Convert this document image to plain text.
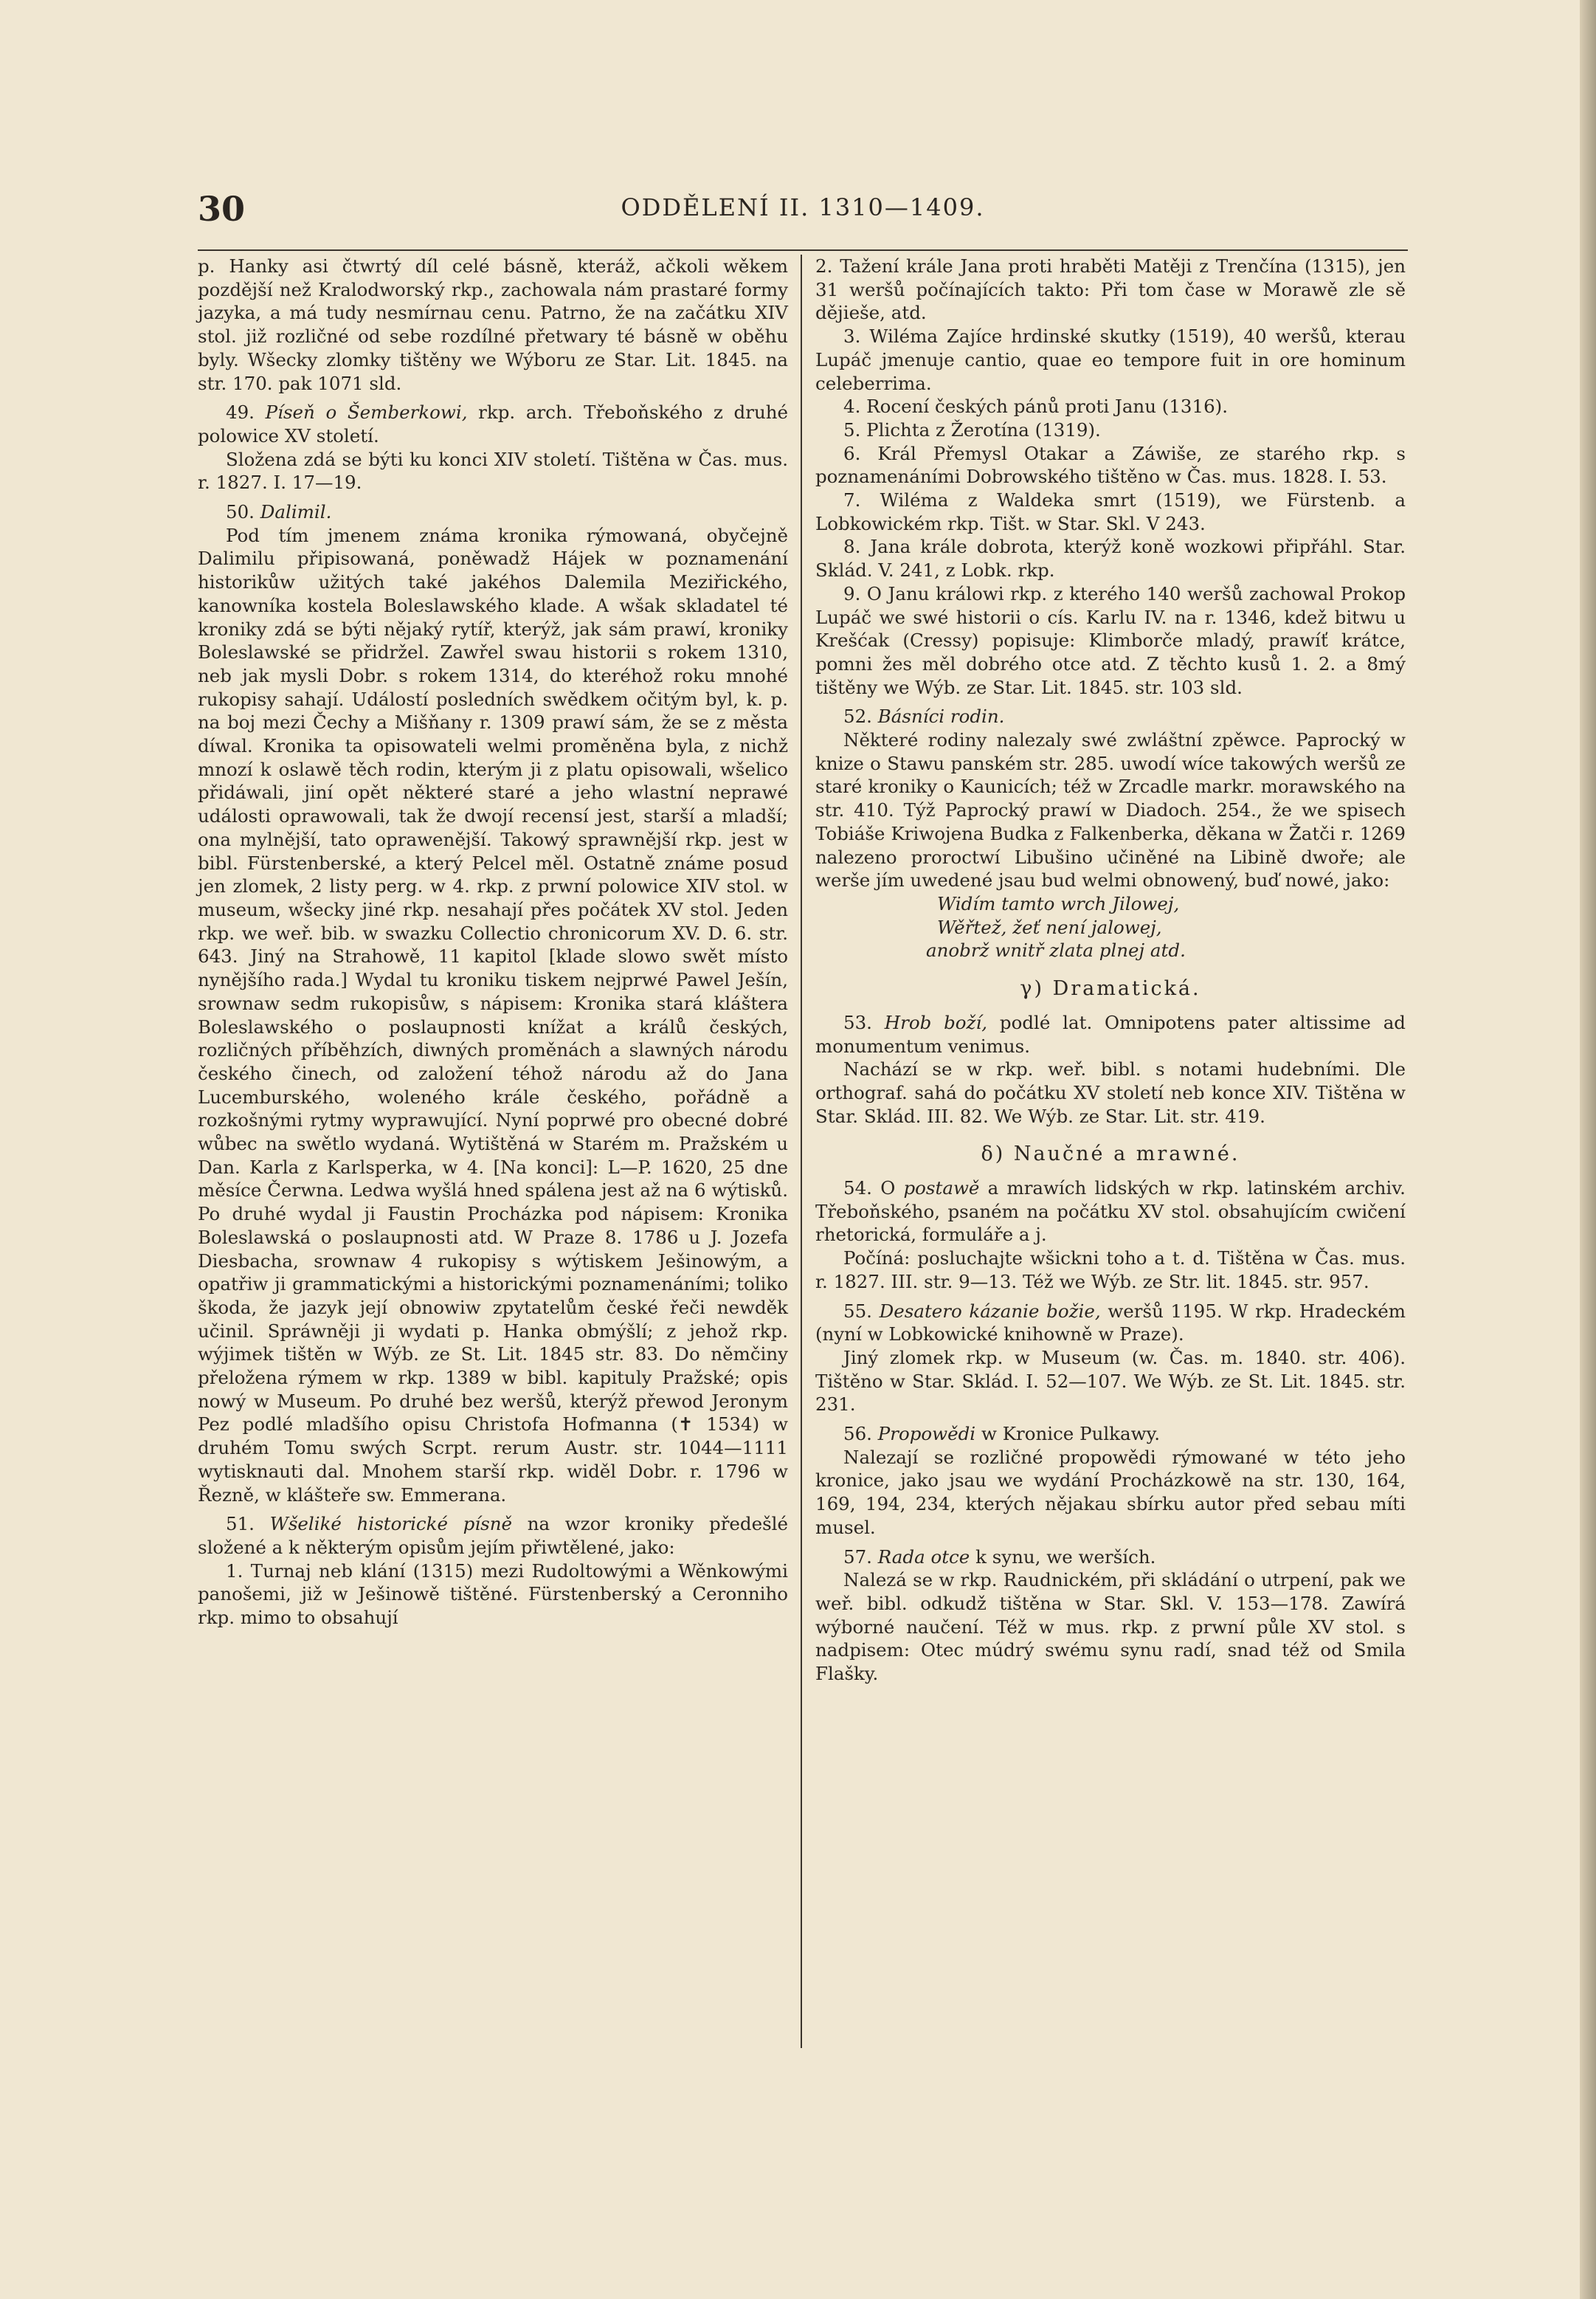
30	ODDĚLENÍ II. 1310—1409.

p. Hanky asi čtwrtý díl celé básně, kteráž, ačkoli wěkem pozdější než Kralodworský rkp., zachowala nám prastaré formy jazyka, a má tudy nesmírnau cenu. Patrno, že na začátku XIV stol. již rozličné od sebe rozdílné přetwary té básně w oběhu byly. Wšecky zlomky tištěny we Wýboru ze Star. Lit. 1845. na str. 170. pak 1071 sld.

49. Píseň o Šemberkowi, rkp. arch. Třeboňského z druhé polowice XV století.

Složena zdá se býti ku konci XIV století. Tištěna w Čas. mus. r. 1827. I. 17—19.

50. Dalimil.

Pod tím jmenem známa kronika rýmowaná, obyčejně Dalimilu připisowaná, poněwadž Hájek w poznamenání historikůw užitých také jakéhos Dalemila Meziřického, kanowníka kostela Boleslawského klade. A wšak skladatel té kroniky zdá se býti nějaký rytíř, kterýž, jak sám prawí, kroniky Boleslawské se přidržel. Zawřel swau historii s rokem 1310, neb jak mysli Dobr. s rokem 1314, do kteréhož roku mnohé rukopisy sahají. Událostí posledních swědkem očitým byl, k. p. na boj mezi Čechy a Mišňany r. 1309 prawí sám, že se z města díwal. Kronika ta opisowateli welmi proměněna byla, z nichž mnozí k oslawě těch rodin, kterým ji z platu opisowali, wšelico přidáwali, jiní opět některé staré a jeho wlastní neprawé události oprawowali, tak že dwojí recensí jest, starší a mladší; ona mylnější, tato oprawenější. Takowý sprawnější rkp. jest w bibl. Fürstenberské, a který Pelcel měl. Ostatně známe posud jen zlomek, 2 listy perg. w 4. rkp. z prwní polowice XIV stol. w museum, wšecky jiné rkp. nesahají přes počátek XV stol. Jeden rkp. we weř. bib. w swazku Collectio chronicorum XV. D. 6. str. 643. Jiný na Strahowě, 11 kapitol [klade slowo swět místo nynějšího rada.] Wydal tu kroniku tiskem nejprwé Pawel Ješín, srownaw sedm rukopisůw, s nápisem: Kronika stará kláštera Boleslawského o poslaupnosti knížat a králů českých, rozličných příběhzích, diwných proměnách a slawných národu českého činech, od založení téhož národu až do Jana Lucemburského, woleného krále českého, pořádně a rozkošnými rytmy wyprawující. Nyní poprwé pro obecné dobré wůbec na swětlo wydaná. Wytištěná w Starém m. Pražském u Dan. Karla z Karlsperka, w 4. [Na konci]: L—P. 1620, 25 dne měsíce Čerwna. Ledwa wyšlá hned spálena jest až na 6 wýtisků. Po druhé wydal ji Faustin Procházka pod nápisem: Kronika Boleslawská o poslaupnosti atd. W Praze 8. 1786 u J. Jozefa Diesbacha, srownaw 4 rukopisy s wýtiskem Ješinowým, a opatřiw ji grammatickými a historickými poznamenáními; toliko škoda, že jazyk její obnowiw zpytatelům české řeči newděk učinil. Spráwněji ji wydati p. Hanka obmýšlí; z jehož rkp. wýjimek tištěn w Wýb. ze St. Lit. 1845 str. 83. Do němčiny přeložena rýmem w rkp. 1389 w bibl. kapituly Pražské; opis nowý w Museum. Po druhé bez weršů, kterýž přewod Jeronym Pez podlé mladšího opisu Christofa Hofmanna (✝ 1534) w druhém Tomu swých Scrpt. rerum Austr. str. 1044—1111 wytisknauti dal. Mnohem starší rkp. widěl Dobr. r. 1796 w Řezně, w klášteře sw. Emmerana.

51. Wšeliké historické písně na wzor kroniky předešlé složené a k některým opisům jejím přiwtělené, jako:

1. Turnaj neb klání (1315) mezi Rudoltowými a Wěnkowými panošemi, již w Ješinowě tištěné. Fürstenberský a Ceronniho rkp. mimo to obsahují

2. Tažení krále Jana proti hraběti Matěji z Trenčína (1315), jen 31 weršů počínajících takto: Při tom čase w Morawě zle sě dějieše, atd.

3. Wiléma Zajíce hrdinské skutky (1519), 40 weršů, kterau Lupáč jmenuje cantio, quae eo tempore fuit in ore hominum celeberrima.

4. Rocení českých pánů proti Janu (1316).

5. Plichta z Žerotína (1319).

6. Král Přemysl Otakar a Záwiše, ze starého rkp. s poznamenáními Dobrowského tištěno w Čas. mus. 1828. I. 53.

7. Wiléma z Waldeka smrt (1519), we Fürstenb. a Lobkowickém rkp. Tišt. w Star. Skl. V 243.

8. Jana krále dobrota, kterýž koně wozkowi připřáhl. Star. Sklád. V. 241, z Lobk. rkp.

9. O Janu králowi rkp. z kterého 140 weršů zachowal Prokop Lupáč we swé historii o cís. Karlu IV. na r. 1346, kdež bitwu u Krešćak (Cressy) popisuje: Klimborče mladý, prawíť krátce, pomni žes měl dobrého otce atd. Z těchto kusů 1. 2. a 8mý tištěny we Wýb. ze Star. Lit. 1845. str. 103 sld.

52. Básníci rodin.

Některé rodiny nalezaly swé zwláštní zpěwce. Paprocký w knize o Stawu panském str. 285. uwodí wíce takowých weršů ze staré kroniky o Kaunicích; též w Zrcadle markr. morawského na str. 410. Týž Paprocký prawí w Diadoch. 254., že we spisech Tobiáše Kriwojena Budka z Falkenberka, děkana w Žatči r. 1269 nalezeno proroctwí Libušino učiněné na Libině dwoře; ale werše jím uwedené jsau bud welmi obnowený, buď nowé, jako:

Widím tamto wrch Jilowej,

Wěřtež, žeť není jalowej,

anobrž wnitř zlata plnej atd.

γ) Dramatická.

53. Hrob boží, podlé lat. Omnipotens pater altissime ad monumentum venimus.

Nachází se w rkp. weř. bibl. s notami hudebními. Dle orthograf. sahá do počátku XV století neb konce XIV. Tištěna w Star. Sklád. III. 82. We Wýb. ze Star. Lit. str. 419.

δ) Naučné a mrawné.

54. O postawě a mrawích lidských w rkp. latinském archiv. Třeboňského, psaném na počátku XV stol. obsahujícím cwičení rhetorická, formuláře a j.

Počíná: posluchajte wšickni toho a t. d. Tištěna w Čas. mus. r. 1827. III. str. 9—13. Též we Wýb. ze Str. lit. 1845. str. 957.

55. Desatero kázanie božie, weršů 1195. W rkp. Hradeckém (nyní w Lobkowické knihowně w Praze).

Jiný zlomek rkp. w Museum (w. Čas. m. 1840. str. 406). Tištěno w Star. Sklád. I. 52—107. We Wýb. ze St. Lit. 1845. str. 231.

56. Propowědi w Kronice Pulkawy.

Nalezají se rozličné propowědi rýmowané w této jeho kronice, jako jsau we wydání Procházkowě na str. 130, 164, 169, 194, 234, kterých nějakau sbírku autor před sebau míti musel.

57. Rada otce k synu, we werších.

Nalezá se w rkp. Raudnickém, při skládání o utrpení, pak we weř. bibl. odkudž tištěna w Star. Skl. V. 153—178. Zawírá wýborné naučení. Též w mus. rkp. z prwní půle XV stol. s nadpisem: Otec múdrý swému synu radí, snad též od Smila Flašky.
